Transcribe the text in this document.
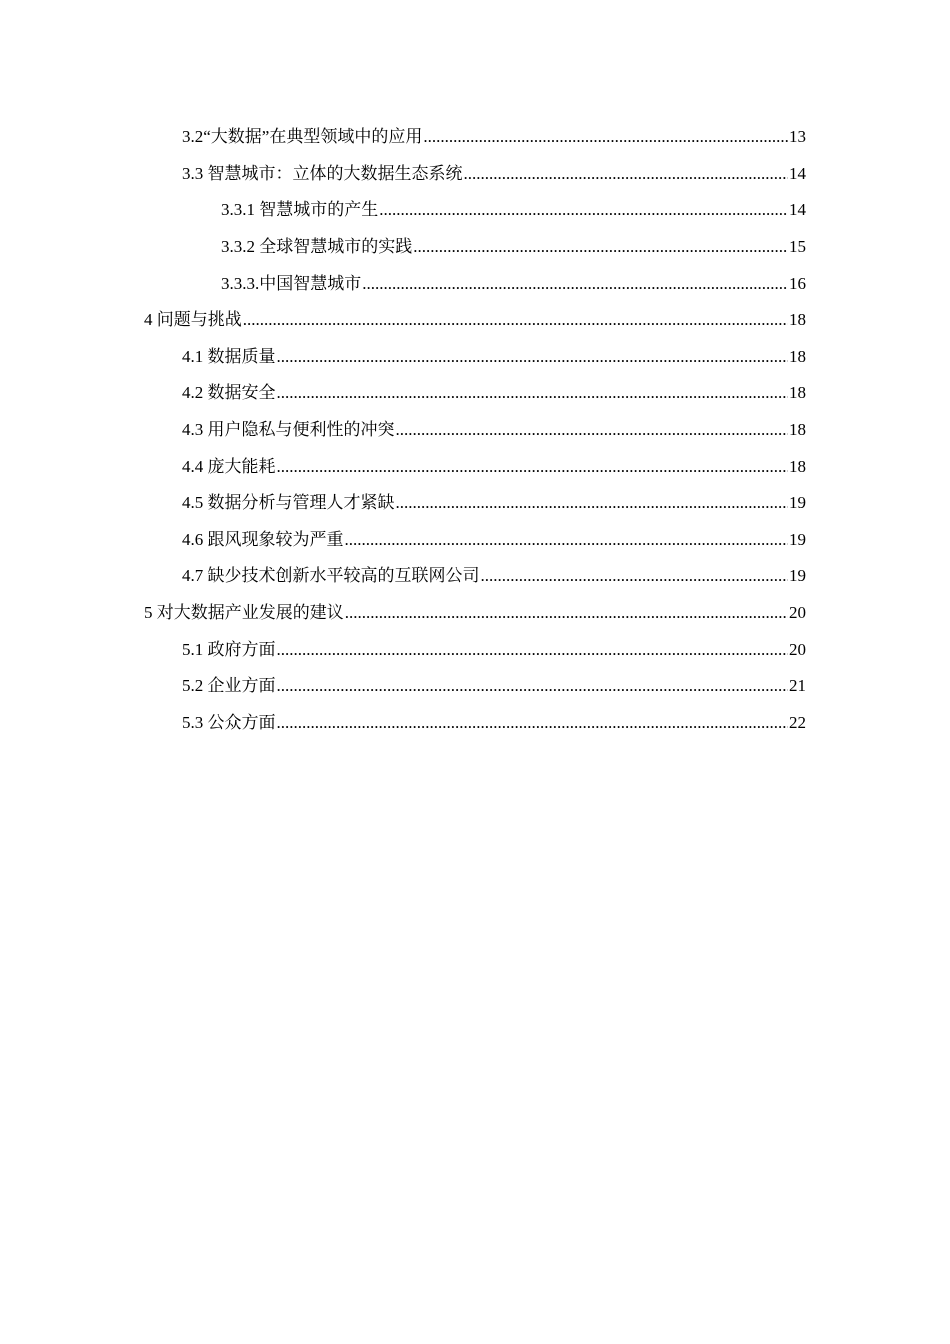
3.2“大数据”在典型领域中的应用 .....	13
3.3 智慧城市：立体的大数据生态系统 .....	14
3.3.1 智慧城市的产生 .....	14
3.3.2 全球智慧城市的实践 .....	15
3.3.3.中国智慧城市 .....	16
4 问题与挑战 .....	18
4.1 数据质量 .....	18
4.2 数据安全 .....	18
4.3 用户隐私与便利性的冲突 .....	18
4.4 庞大能耗 .....	18
4.5 数据分析与管理人才紧缺 .....	19
4.6 跟风现象较为严重 .....	19
4.7 缺少技术创新水平较高的互联网公司 .....	19
5 对大数据产业发展的建议 .....	20
5.1 政府方面 .....	20
5.2 企业方面 .....	21
5.3 公众方面 .....	22
